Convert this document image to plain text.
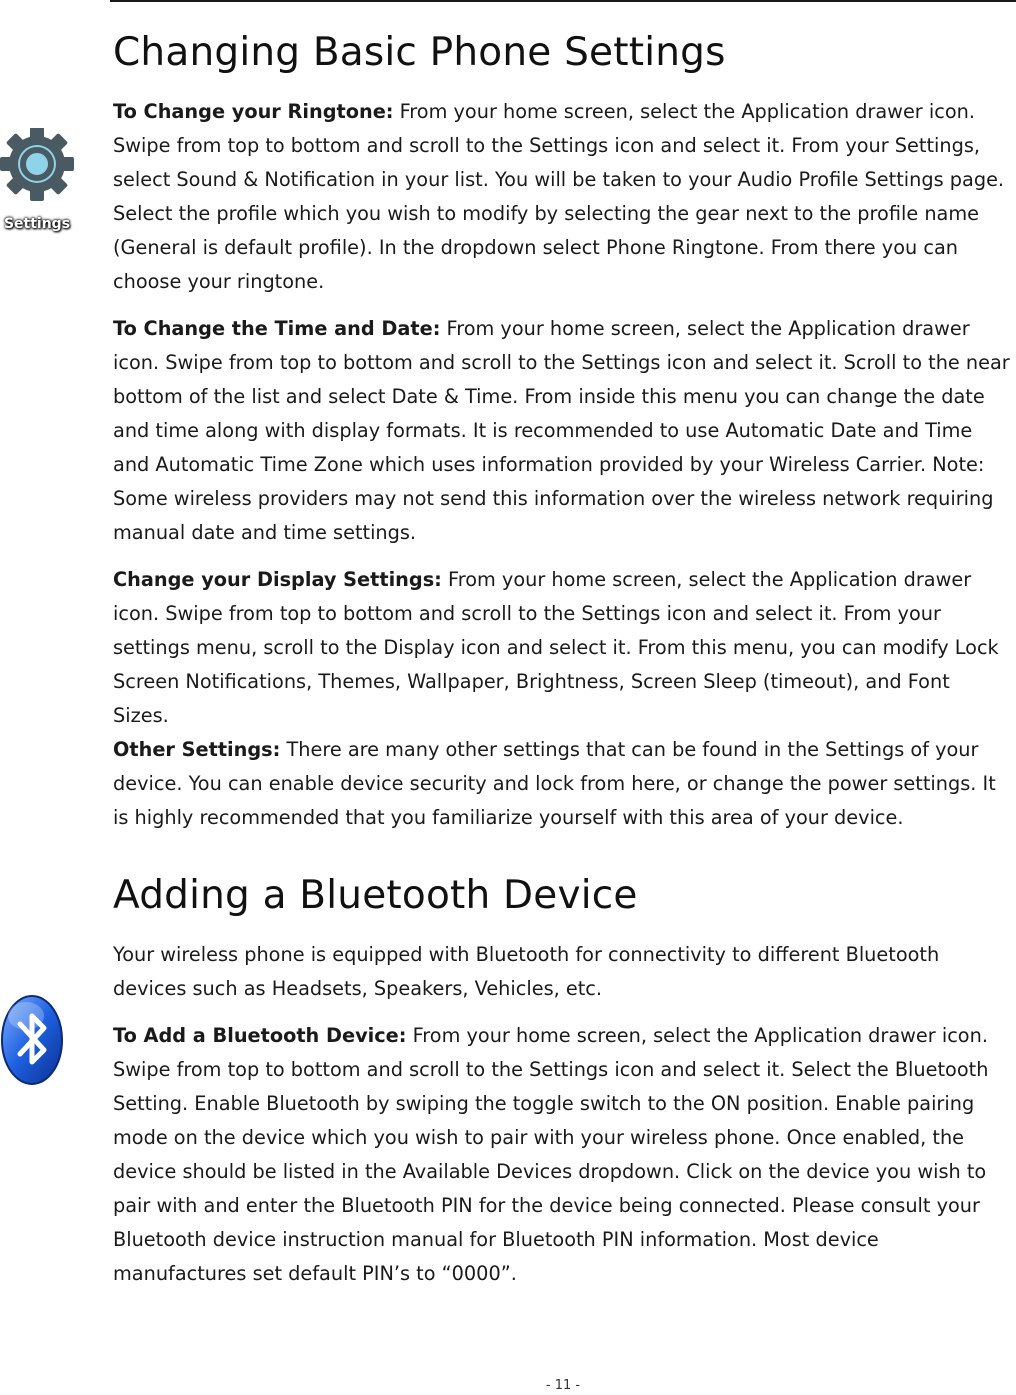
Settings
Changing Basic Phone Settings

To Change your Ringtone: From your home screen, select the Application drawer icon. Swipe from top to bottom and scroll to the Settings icon and select it. From your Settings, select Sound & Notification in your list. You will be taken to your Audio Profile Settings page. Select the profile which you wish to modify by selecting the gear next to the profile name (General is default profile). In the dropdown select Phone Ringtone. From there you can choose your ringtone.

To Change the Time and Date: From your home screen, select the Application drawer icon. Swipe from top to bottom and scroll to the Settings icon and select it. Scroll to the near bottom of the list and select Date & Time. From inside this menu you can change the date and time along with display formats. It is recommended to use Automatic Date and Time and Automatic Time Zone which uses information provided by your Wireless Carrier. Note: Some wireless providers may not send this information over the wireless network requiring manual date and time settings.

Change your Display Settings: From your home screen, select the Application drawer icon. Swipe from top to bottom and scroll to the Settings icon and select it. From your settings menu, scroll to the Display icon and select it. From this menu, you can modify Lock Screen Notifications, Themes, Wallpaper, Brightness, Screen Sleep (timeout), and Font Sizes.

Other Settings: There are many other settings that can be found in the Settings of your device. You can enable device security and lock from here, or change the power settings. It is highly recommended that you familiarize yourself with this area of your device.

Adding a Bluetooth Device

Your wireless phone is equipped with Bluetooth for connectivity to different Bluetooth devices such as Headsets, Speakers, Vehicles, etc.

To Add a Bluetooth Device: From your home screen, select the Application drawer icon. Swipe from top to bottom and scroll to the Settings icon and select it. Select the Bluetooth Setting. Enable Bluetooth by swiping the toggle switch to the ON position. Enable pairing mode on the device which you wish to pair with your wireless phone. Once enabled, the device should be listed in the Available Devices dropdown. Click on the device you wish to pair with and enter the Bluetooth PIN for the device being connected. Please consult your Bluetooth device instruction manual for Bluetooth PIN information. Most device manufactures set default PIN’s to “0000”.

- 11 -
